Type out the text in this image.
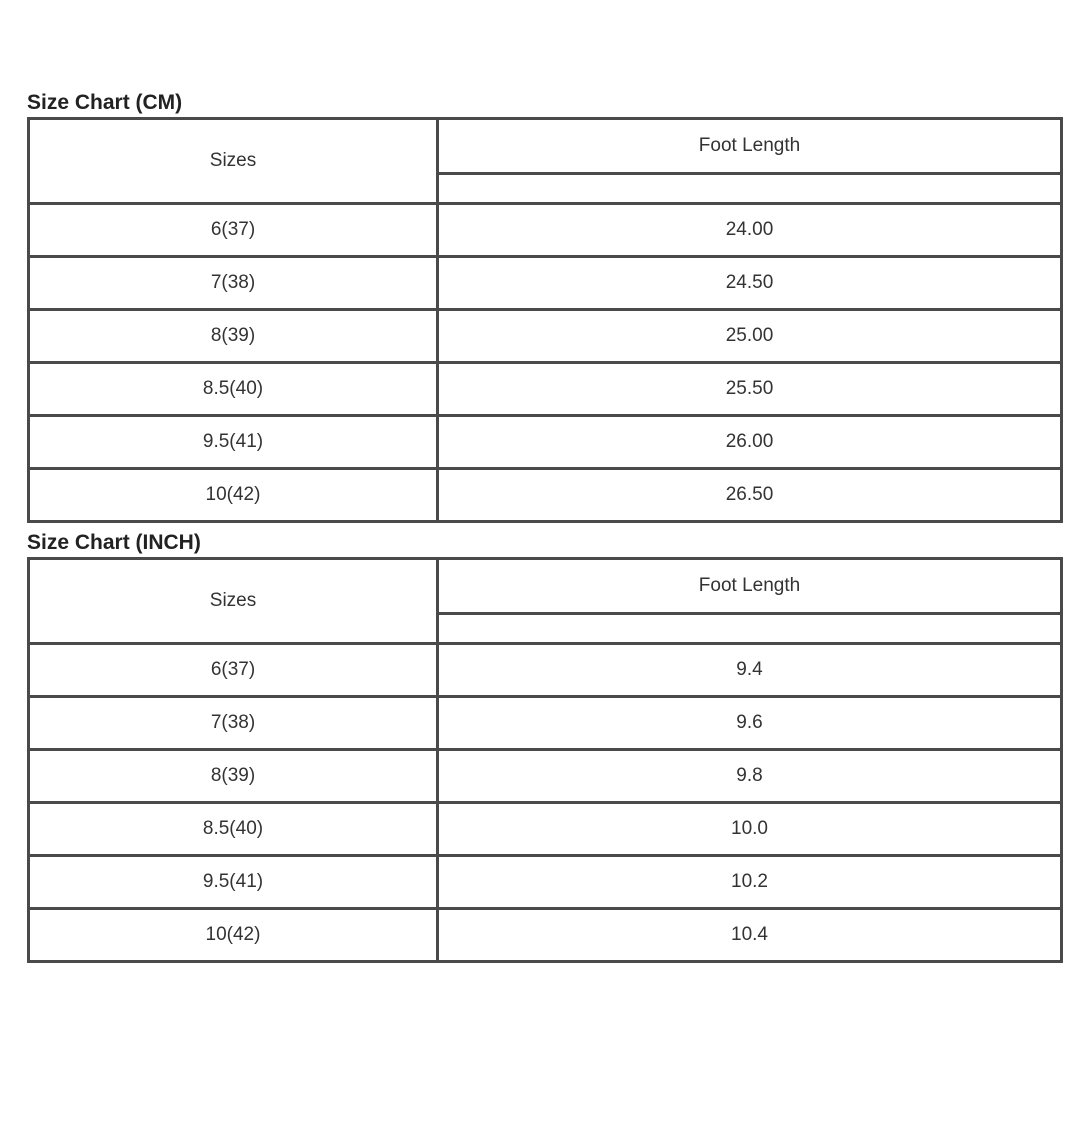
Size Chart (CM)
Sizes	Foot Length

6(37)	24.00
7(38)	24.50
8(39)	25.00
8.5(40)	25.50
9.5(41)	26.00
10(42)	26.50
Size Chart (INCH)
Sizes	Foot Length

6(37)	9.4
7(38)	9.6
8(39)	9.8
8.5(40)	10.0
9.5(41)	10.2
10(42)	10.4
